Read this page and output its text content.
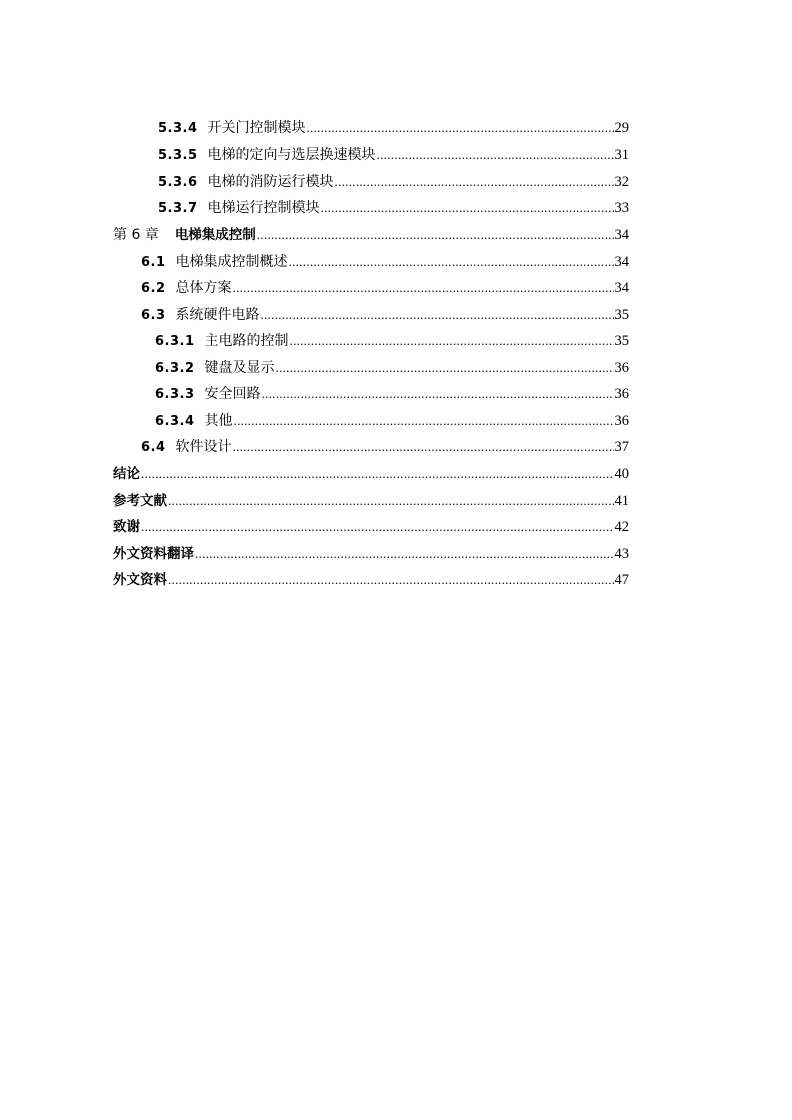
5.3.4 开关门控制模块 .....	29
5.3.5 电梯的定向与选层换速模块 .....	31
5.3.6 电梯的消防运行模块 .....	32
5.3.7 电梯运行控制模块 .....	33
第 6 章 电梯集成控制 .....	34
6.1 电梯集成控制概述 .....	34
6.2 总体方案 .....	34
6.3 系统硬件电路 .....	35
6.3.1 主电路的控制 .....	35
6.3.2 键盘及显示 .....	36
6.3.3 安全回路 .....	36
6.3.4 其他 .....	36
6.4 软件设计 .....	37
结论 .....	40
参考文献 .....	41
致谢 .....	42
外文资料翻译 .....	43
外文资料 .....	47
